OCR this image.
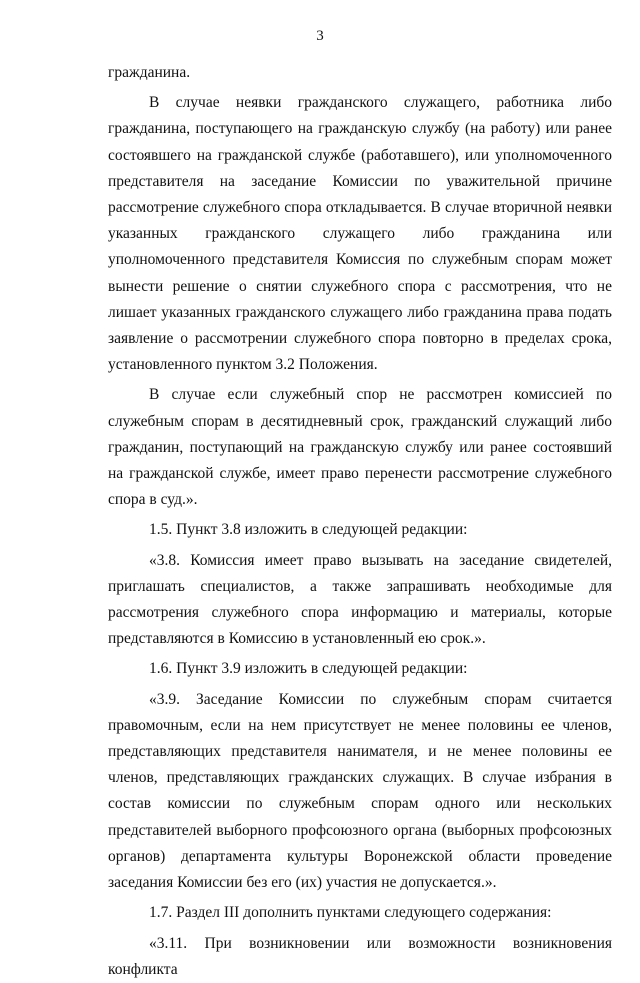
3

гражданина.

В случае неявки гражданского служащего, работника либо гражданина, поступающего на гражданскую службу (на работу) или ранее состоявшего на гражданской службе (работавшего), или уполномоченного представителя на заседание Комиссии по уважительной причине рассмотрение служебного спора откладывается. В случае вторичной неявки указанных гражданского служащего либо гражданина или уполномоченного представителя Комиссия по служебным спорам может вынести решение о снятии служебного спора с рассмотрения, что не лишает указанных гражданского служащего либо гражданина права подать заявление о рассмотрении служебного спора повторно в пределах срока, установленного пунктом 3.2 Положения.

В случае если служебный спор не рассмотрен комиссией по служебным спорам в десятидневный срок, гражданский служащий либо гражданин, поступающий на гражданскую службу или ранее состоявший на гражданской службе, имеет право перенести рассмотрение служебного спора в суд.».

1.5. Пункт 3.8 изложить в следующей редакции:

«3.8. Комиссия имеет право вызывать на заседание свидетелей, приглашать специалистов, а также запрашивать необходимые для рассмотрения служебного спора информацию и материалы, которые представляются в Комиссию в установленный ею срок.».

1.6. Пункт 3.9 изложить в следующей редакции:

«3.9. Заседание Комиссии по служебным спорам считается правомочным, если на нем присутствует не менее половины ее членов, представляющих представителя нанимателя, и не менее половины ее членов, представляющих гражданских служащих. В случае избрания в состав комиссии по служебным спорам одного или нескольких представителей выборного профсоюзного органа (выборных профсоюзных органов) департамента культуры Воронежской области проведение заседания Комиссии без его (их) участия не допускается.».

1.7. Раздел III дополнить пунктами следующего содержания:

«3.11. При возникновении или возможности возникновения конфликта
